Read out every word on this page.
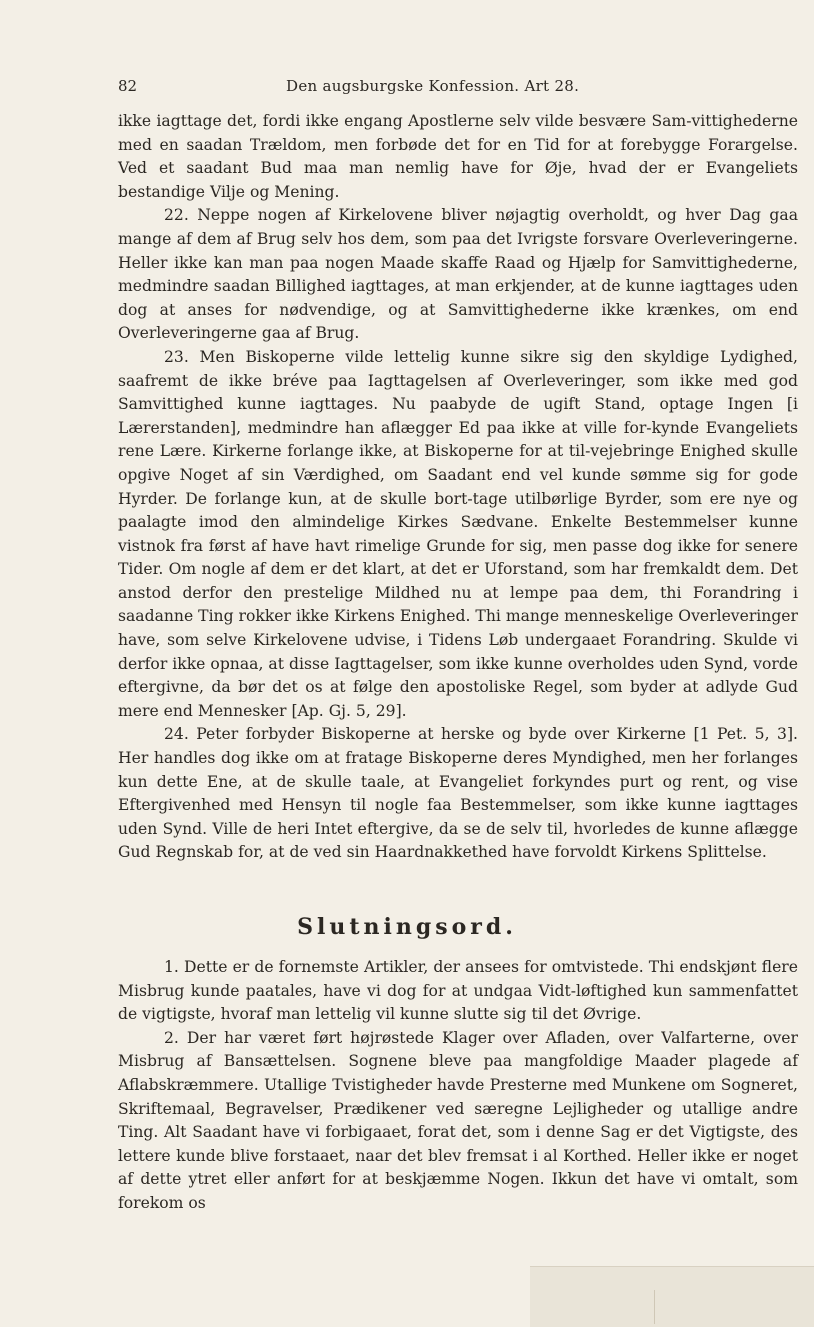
82	Den augsburgske Konfession. Art 28.

ikke iagttage det, fordi ikke engang Apostlerne selv vilde besvære Sam-vittighederne med en saadan Trældom, men forbøde det for en Tid for at forebygge Forargelse. Ved et saadant Bud maa man nemlig have for Øje, hvad der er Evangeliets bestandige Vilje og Mening.

22. Neppe nogen af Kirkelovene bliver nøjagtig overholdt, og hver Dag gaa mange af dem af Brug selv hos dem, som paa det Ivrigste forsvare Overleveringerne. Heller ikke kan man paa nogen Maade skaffe Raad og Hjælp for Samvittighederne, medmindre saadan Billighed iagttages, at man erkjender, at de kunne iagttages uden dog at anses for nødvendige, og at Samvittighederne ikke krænkes, om end Overleveringerne gaa af Brug.

23. Men Biskoperne vilde lettelig kunne sikre sig den skyldige Lydighed, saafremt de ikke bréve paa Iagttagelsen af Overleveringer, som ikke med god Samvittighed kunne iagttages. Nu paabyde de ugift Stand, optage Ingen [i Lærerstanden], medmindre han aflægger Ed paa ikke at ville for-kynde Evangeliets rene Lære. Kirkerne forlange ikke, at Biskoperne for at til-vejebringe Enighed skulle opgive Noget af sin Værdighed, om Saadant end vel kunde sømme sig for gode Hyrder. De forlange kun, at de skulle bort-tage utilbørlige Byrder, som ere nye og paalagte imod den almindelige Kirkes Sædvane. Enkelte Bestemmelser kunne vistnok fra først af have havt rimelige Grunde for sig, men passe dog ikke for senere Tider. Om nogle af dem er det klart, at det er Uforstand, som har fremkaldt dem. Det anstod derfor den prestelige Mildhed nu at lempe paa dem, thi Forandring i saadanne Ting rokker ikke Kirkens Enighed. Thi mange menneskelige Overleveringer have, som selve Kirkelovene udvise, i Tidens Løb undergaaet Forandring. Skulde vi derfor ikke opnaa, at disse Iagttagelser, som ikke kunne overholdes uden Synd, vorde eftergivne, da bør det os at følge den apostoliske Regel, som byder at adlyde Gud mere end Mennesker [Ap. Gj. 5, 29].

24. Peter forbyder Biskoperne at herske og byde over Kirkerne [1 Pet. 5, 3]. Her handles dog ikke om at fratage Biskoperne deres Myndighed, men her forlanges kun dette Ene, at de skulle taale, at Evangeliet forkyndes purt og rent, og vise Eftergivenhed med Hensyn til nogle faa Bestemmelser, som ikke kunne iagttages uden Synd. Ville de heri Intet eftergive, da se de selv til, hvorledes de kunne aflægge Gud Regnskab for, at de ved sin Haardnakkethed have forvoldt Kirkens Splittelse.

Slutningsord.

1. Dette er de fornemste Artikler, der ansees for omtvistede. Thi endskjønt flere Misbrug kunde paatales, have vi dog for at undgaa Vidt-løftighed kun sammenfattet de vigtigste, hvoraf man lettelig vil kunne slutte sig til det Øvrige.

2. Der har været ført højrøstede Klager over Afladen, over Valfarterne, over Misbrug af Bansættelsen. Sognene bleve paa mangfoldige Maader plagede af Aflabskræmmere. Utallige Tvistigheder havde Presterne med Munkene om Sogneret, Skriftemaal, Begravelser, Prædikener ved særegne Lejligheder og utallige andre Ting. Alt Saadant have vi forbigaaet, forat det, som i denne Sag er det Vigtigste, des lettere kunde blive forstaaet, naar det blev fremsat i al Korthed. Heller ikke er noget af dette ytret eller anført for at beskjæmme Nogen. Ikkun det have vi omtalt, som forekom os
